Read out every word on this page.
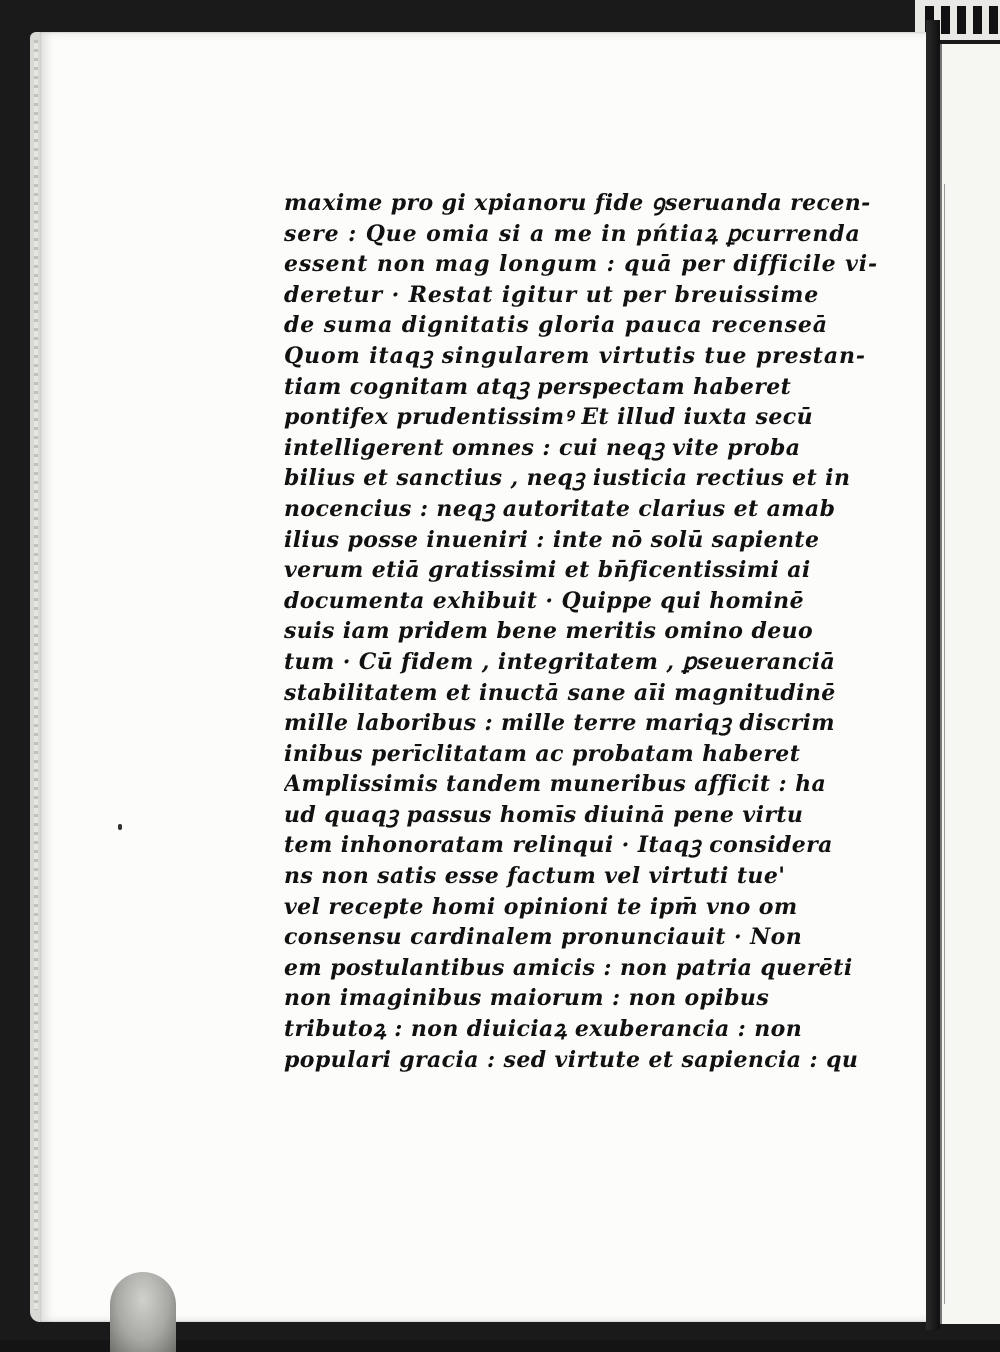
maxime pro gi xpianoru fide ꝯseruanda recen-
sere : Que omia si a me in pńtiaꝝ ꝑcurrenda
essent non mag longum : quā per difficile vi-
deretur · Restat igitur ut per breuissime
de suma dignitatis gloria pauca recenseā
Quom itaqꝫ singularem virtutis tue prestan-
tiam cognitam atqꝫ perspectam haberet
pontifex prudentissimꝰ Et illud iuxta secū
intelligerent omnes : cui neqꝫ vite proba
bilius et sanctius , neqꝫ iusticia rectius et in
nocencius : neqꝫ autoritate clarius et amab
ilius posse inueniri : inte nō solū sapiente
verum etiā gratissimi et bn̄ficentissimi ai
documenta exhibuit · Quippe qui hominē
suis iam pridem bene meritis omino deuo
tum · Cū fidem , integritatem , ꝑseueranciā
stabilitatem et inuctā sane aīi magnitudinē
mille laboribus : mille terre mariqꝫ discrim
inibus perīclitatam ac probatam haberet
Amplissimis tandem muneribus afficit : ha
ud quaqꝫ passus homīs diuinā pene virtu
tem inhonoratam relinqui · Itaqꝫ considera
ns non satis esse factum vel virtuti tue'
vel recepte homi opinioni te ipm̄ vno om
consensu cardinalem pronunciauit · Non
em postulantibus amicis : non patria querēti
non imaginibus maiorum : non opibus
tributoꝝ : non diuiciaꝝ exuberancia : non
populari gracia : sed virtute et sapiencia : qu
